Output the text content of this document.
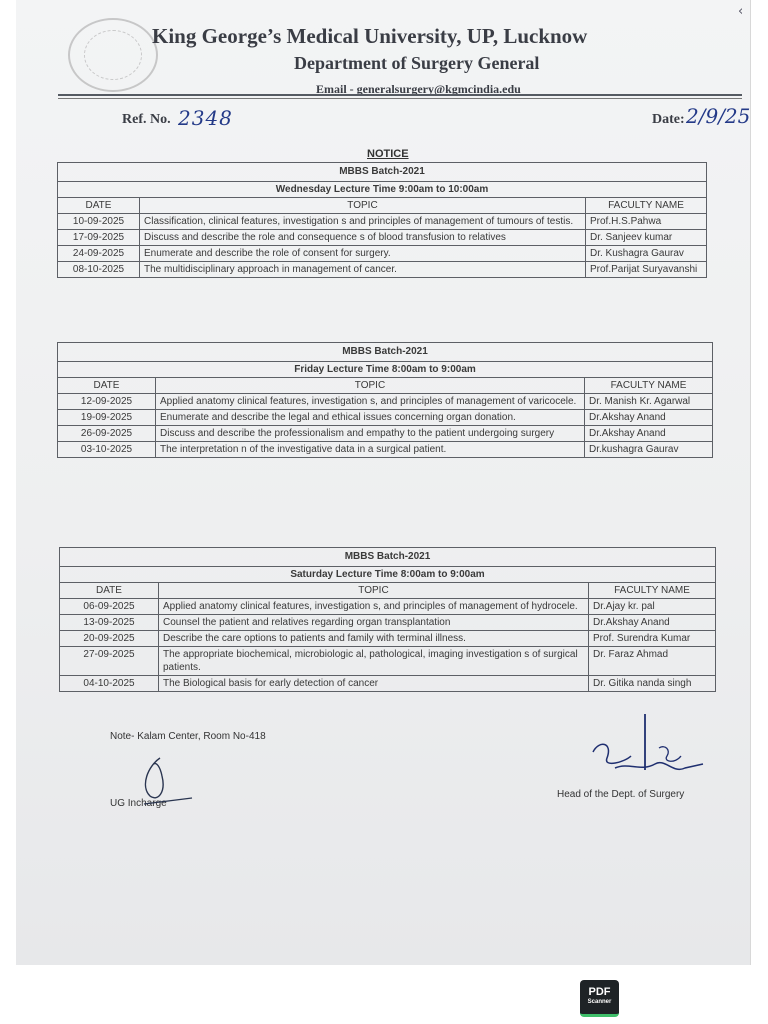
‹
King George’s Medical University, UP, Lucknow
Department of Surgery General
Email - generalsurgery@kgmcindia.edu
Ref. No. 2348	Date: 2/9/25
NOTICE
MBBS Batch-2021		
Wednesday Lecture Time 9:00am to 10:00am		
DATE	TOPIC	FACULTY NAME
10-09-2025	Classification, clinical features, investigation s and principles of management of tumours of testis.	Prof.H.S.Pahwa
17-09-2025	Discuss and describe the role and consequence s of blood transfusion to relatives	Dr. Sanjeev kumar
24-09-2025	Enumerate and describe the role of consent for surgery.	Dr. Kushagra Gaurav
08-10-2025	The multidisciplinary approach in management of cancer.	Prof.Parijat Suryavanshi
MBBS Batch-2021		
Friday Lecture Time 8:00am to 9:00am		
DATE	TOPIC	FACULTY NAME
12-09-2025	Applied anatomy clinical features, investigation s, and principles of management of varicocele.	Dr. Manish Kr. Agarwal
19-09-2025	Enumerate and describe the legal and ethical issues concerning organ donation.	Dr.Akshay Anand
26-09-2025	Discuss and describe the professionalism and empathy to the patient undergoing surgery	Dr.Akshay Anand
03-10-2025	The interpretation n of the investigative data in a surgical patient.	Dr.kushagra Gaurav
MBBS Batch-2021		
Saturday Lecture Time 8:00am to 9:00am		
DATE	TOPIC	FACULTY NAME
06-09-2025	Applied anatomy clinical features, investigation s, and principles of management of hydrocele.	Dr.Ajay kr. pal
13-09-2025	Counsel the patient and relatives regarding organ transplantation	Dr.Akshay Anand
20-09-2025	Describe the care options to patients and family with terminal illness.	Prof. Surendra Kumar
27-09-2025	The appropriate biochemical, microbiologic al, pathological, imaging investigation s of surgical patients.	Dr. Faraz Ahmad
04-10-2025	The Biological basis for early detection of cancer	Dr. Gitika nanda singh
Note- Kalam Center, Room No-418
UG Incharge
Head of the Dept. of Surgery
PDF
Scanner
